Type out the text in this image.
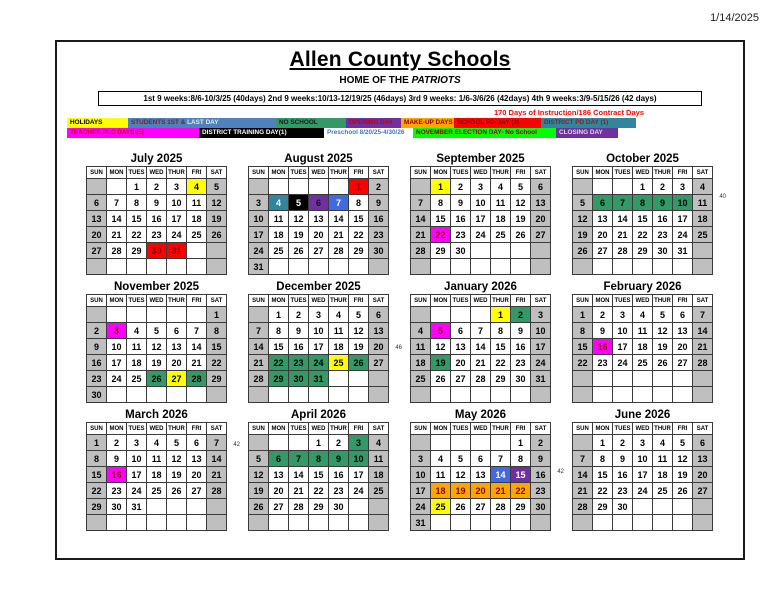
1/14/2025
Allen County Schools
HOME OF THE PATRIOTS
1st 9 weeks:8/6-10/3/25 (40days) 2nd 9 weeks:10/13-12/19/25 (46days) 3rd 9 weeks: 1/6-3/6/26 (42days) 4th 9 weeks:3/9-5/15/26 (42 days)
170 Days of Instruction/186 Contract Days
HOLIDAYS	STUDENTS 1ST & LAST DAY	NO SCHOOL	OPENING DAY	MAKE-UP DAYS SCHOOL PD DAY (3)	DISTRICT PD DAY (1)
TEACHER PLC DAYS (5)	DISTRICT TRAINING DAY(1)	Preschool 8/20/25-4/30/26	NOVEMBER ELECTION DAY- No School	CLOSING DAY
July 2025
SUN	MON	TUES	WED	THUR	FRI	SAT
		1	2	3	4	5
6	7	8	9	10	11	12
13	14	15	16	17	18	19
20	21	22	23	24	25	26
27	28	29	30	31		

August 2025
SUN	MON	TUES	WED	THUR	FRI	SAT
					1	2
3	4	5	6	7	8	9
10	11	12	13	14	15	16
17	18	19	20	21	22	23
24	25	26	27	28	29	30
31						
September 2025
SUN	MON	TUES	WED	THUR	FRI	SAT
	1	2	3	4	5	6
7	8	9	10	11	12	13
14	15	16	17	18	19	20
21	22	23	24	25	26	27
28	29	30				

October 2025
SUN	MON	TUES	WED	THUR	FRI	SAT
			1	2	3	4
5	6	7	8	9	10	11
12	13	14	15	16	17	18
19	20	21	22	23	24	25
26	27	28	29	30	31	

40
November 2025
SUN	MON	TUES	WED	THUR	FRI	SAT
						1
2	3	4	5	6	7	8
9	10	11	12	13	14	15
16	17	18	19	20	21	22
23	24	25	26	27	28	29
30						
December 2025
SUN	MON	TUES	WED	THUR	FRI	SAT
	1	2	3	4	5	6
7	8	9	10	11	12	13
14	15	16	17	18	19	20
21	22	23	24	25	26	27
28	29	30	31			

46
January 2026
SUN	MON	TUES	WED	THUR	FRI	SAT
				1	2	3
4	5	6	7	8	9	10
11	12	13	14	15	16	17
18	19	20	21	22	23	24
25	26	27	28	29	30	31

February 2026
SUN	MON	TUES	WED	THUR	FRI	SAT
1	2	3	4	5	6	7
8	9	10	11	12	13	14
15	16	17	18	19	20	21
22	23	24	25	26	27	28

March 2026
SUN	MON	TUES	WED	THUR	FRI	SAT
1	2	3	4	5	6	7
8	9	10	11	12	13	14
15	16	17	18	19	20	21
22	23	24	25	26	27	28
29	30	31				

42
April 2026
SUN	MON	TUES	WED	THUR	FRI	SAT
			1	2	3	4
5	6	7	8	9	10	11
12	13	14	15	16	17	18
19	20	21	22	23	24	25
26	27	28	29	30		

May 2026
SUN	MON	TUES	WED	THUR	FRI	SAT
					1	2
3	4	5	6	7	8	9
10	11	12	13	14	15	16
17	18	19	20	21	22	23
24	25	26	27	28	29	30
31						
42
June 2026
SUN	MON	TUES	WED	THUR	FRI	SAT
	1	2	3	4	5	6
7	8	9	10	11	12	13
14	15	16	17	18	19	20
21	22	23	24	25	26	27
28	29	30				
